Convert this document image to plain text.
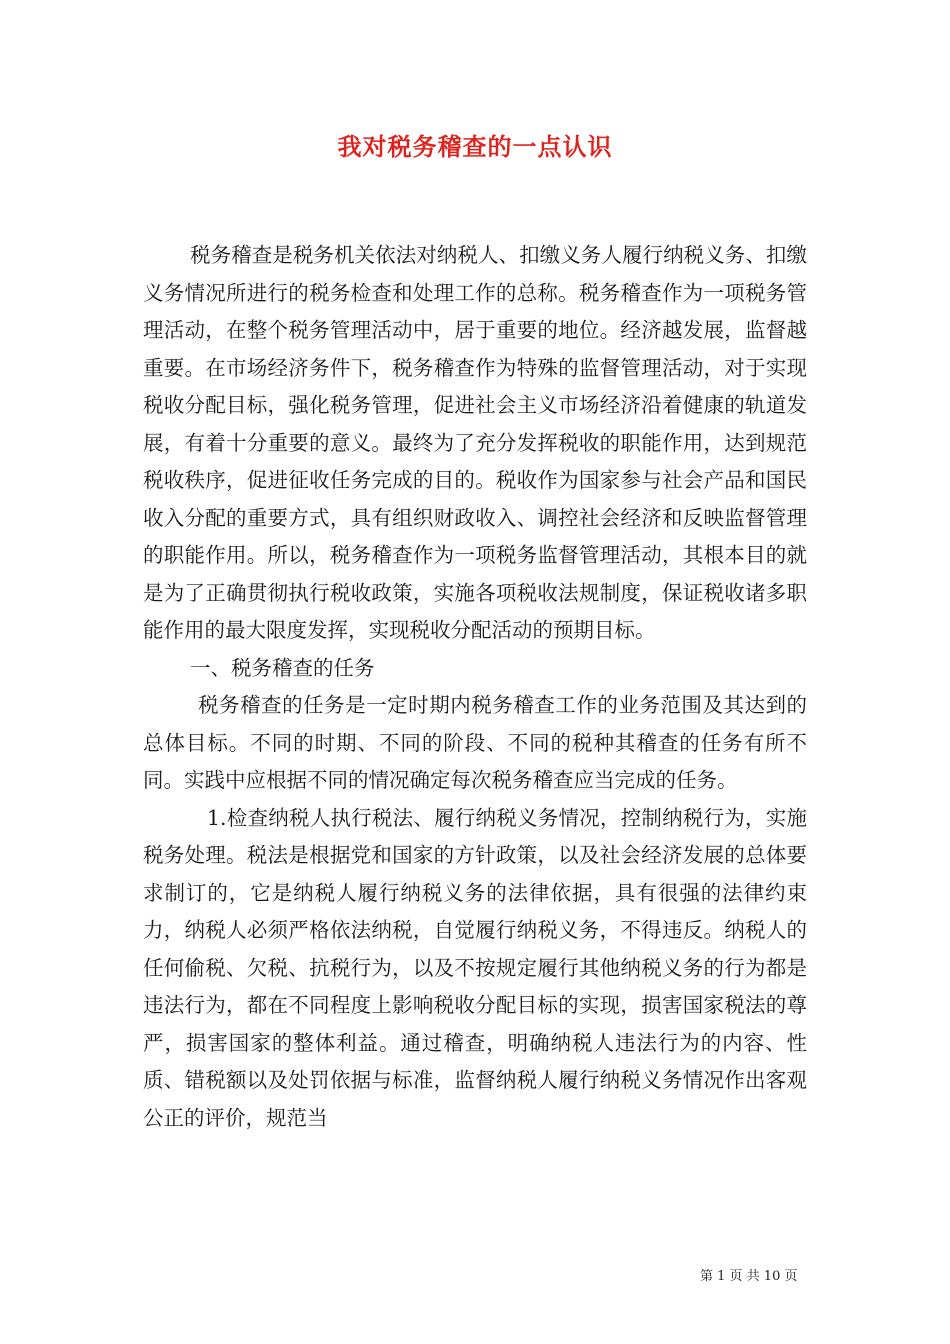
我对税务稽查的一点认识

税务稽查是税务机关依法对纳税人、扣缴义务人履行纳税义务、扣缴义务情况所进行的税务检查和处理工作的总称。税务稽查作为一项税务管理活动，在整个税务管理活动中，居于重要的地位。经济越发展，监督越重要。在市场经济务件下，税务稽查作为特殊的监督管理活动，对于实现税收分配目标，强化税务管理，促进社会主义市场经济沿着健康的轨道发展，有着十分重要的意义。最终为了充分发挥税收的职能作用，达到规范税收秩序，促进征收任务完成的目的。税收作为国家参与社会产品和国民收入分配的重要方式，具有组织财政收入、调控社会经济和反映监督管理的职能作用。所以，税务稽查作为一项税务监督管理活动，其根本目的就是为了正确贯彻执行税收政策，实施各项税收法规制度，保证税收诸多职能作用的最大限度发挥，实现税收分配活动的预期目标。

一、税务稽查的任务

税务稽查的任务是一定时期内税务稽查工作的业务范围及其达到的总体目标。不同的时期、不同的阶段、不同的税种其稽查的任务有所不同。实践中应根据不同的情况确定每次税务稽查应当完成的任务。

1.检查纳税人执行税法、履行纳税义务情况，控制纳税行为，实施税务处理。税法是根据党和国家的方针政策，以及社会经济发展的总体要求制订的，它是纳税人履行纳税义务的法律依据，具有很强的法律约束力，纳税人必须严格依法纳税，自觉履行纳税义务，不得违反。纳税人的任何偷税、欠税、抗税行为，以及不按规定履行其他纳税义务的行为都是违法行为，都在不同程度上影响税收分配目标的实现，损害国家税法的尊严，损害国家的整体利益。通过稽查，明确纳税人违法行为的内容、性质、错税额以及处罚依据与标准，监督纳税人履行纳税义务情况作出客观公正的评价，规范当

第 1 页 共 10 页
